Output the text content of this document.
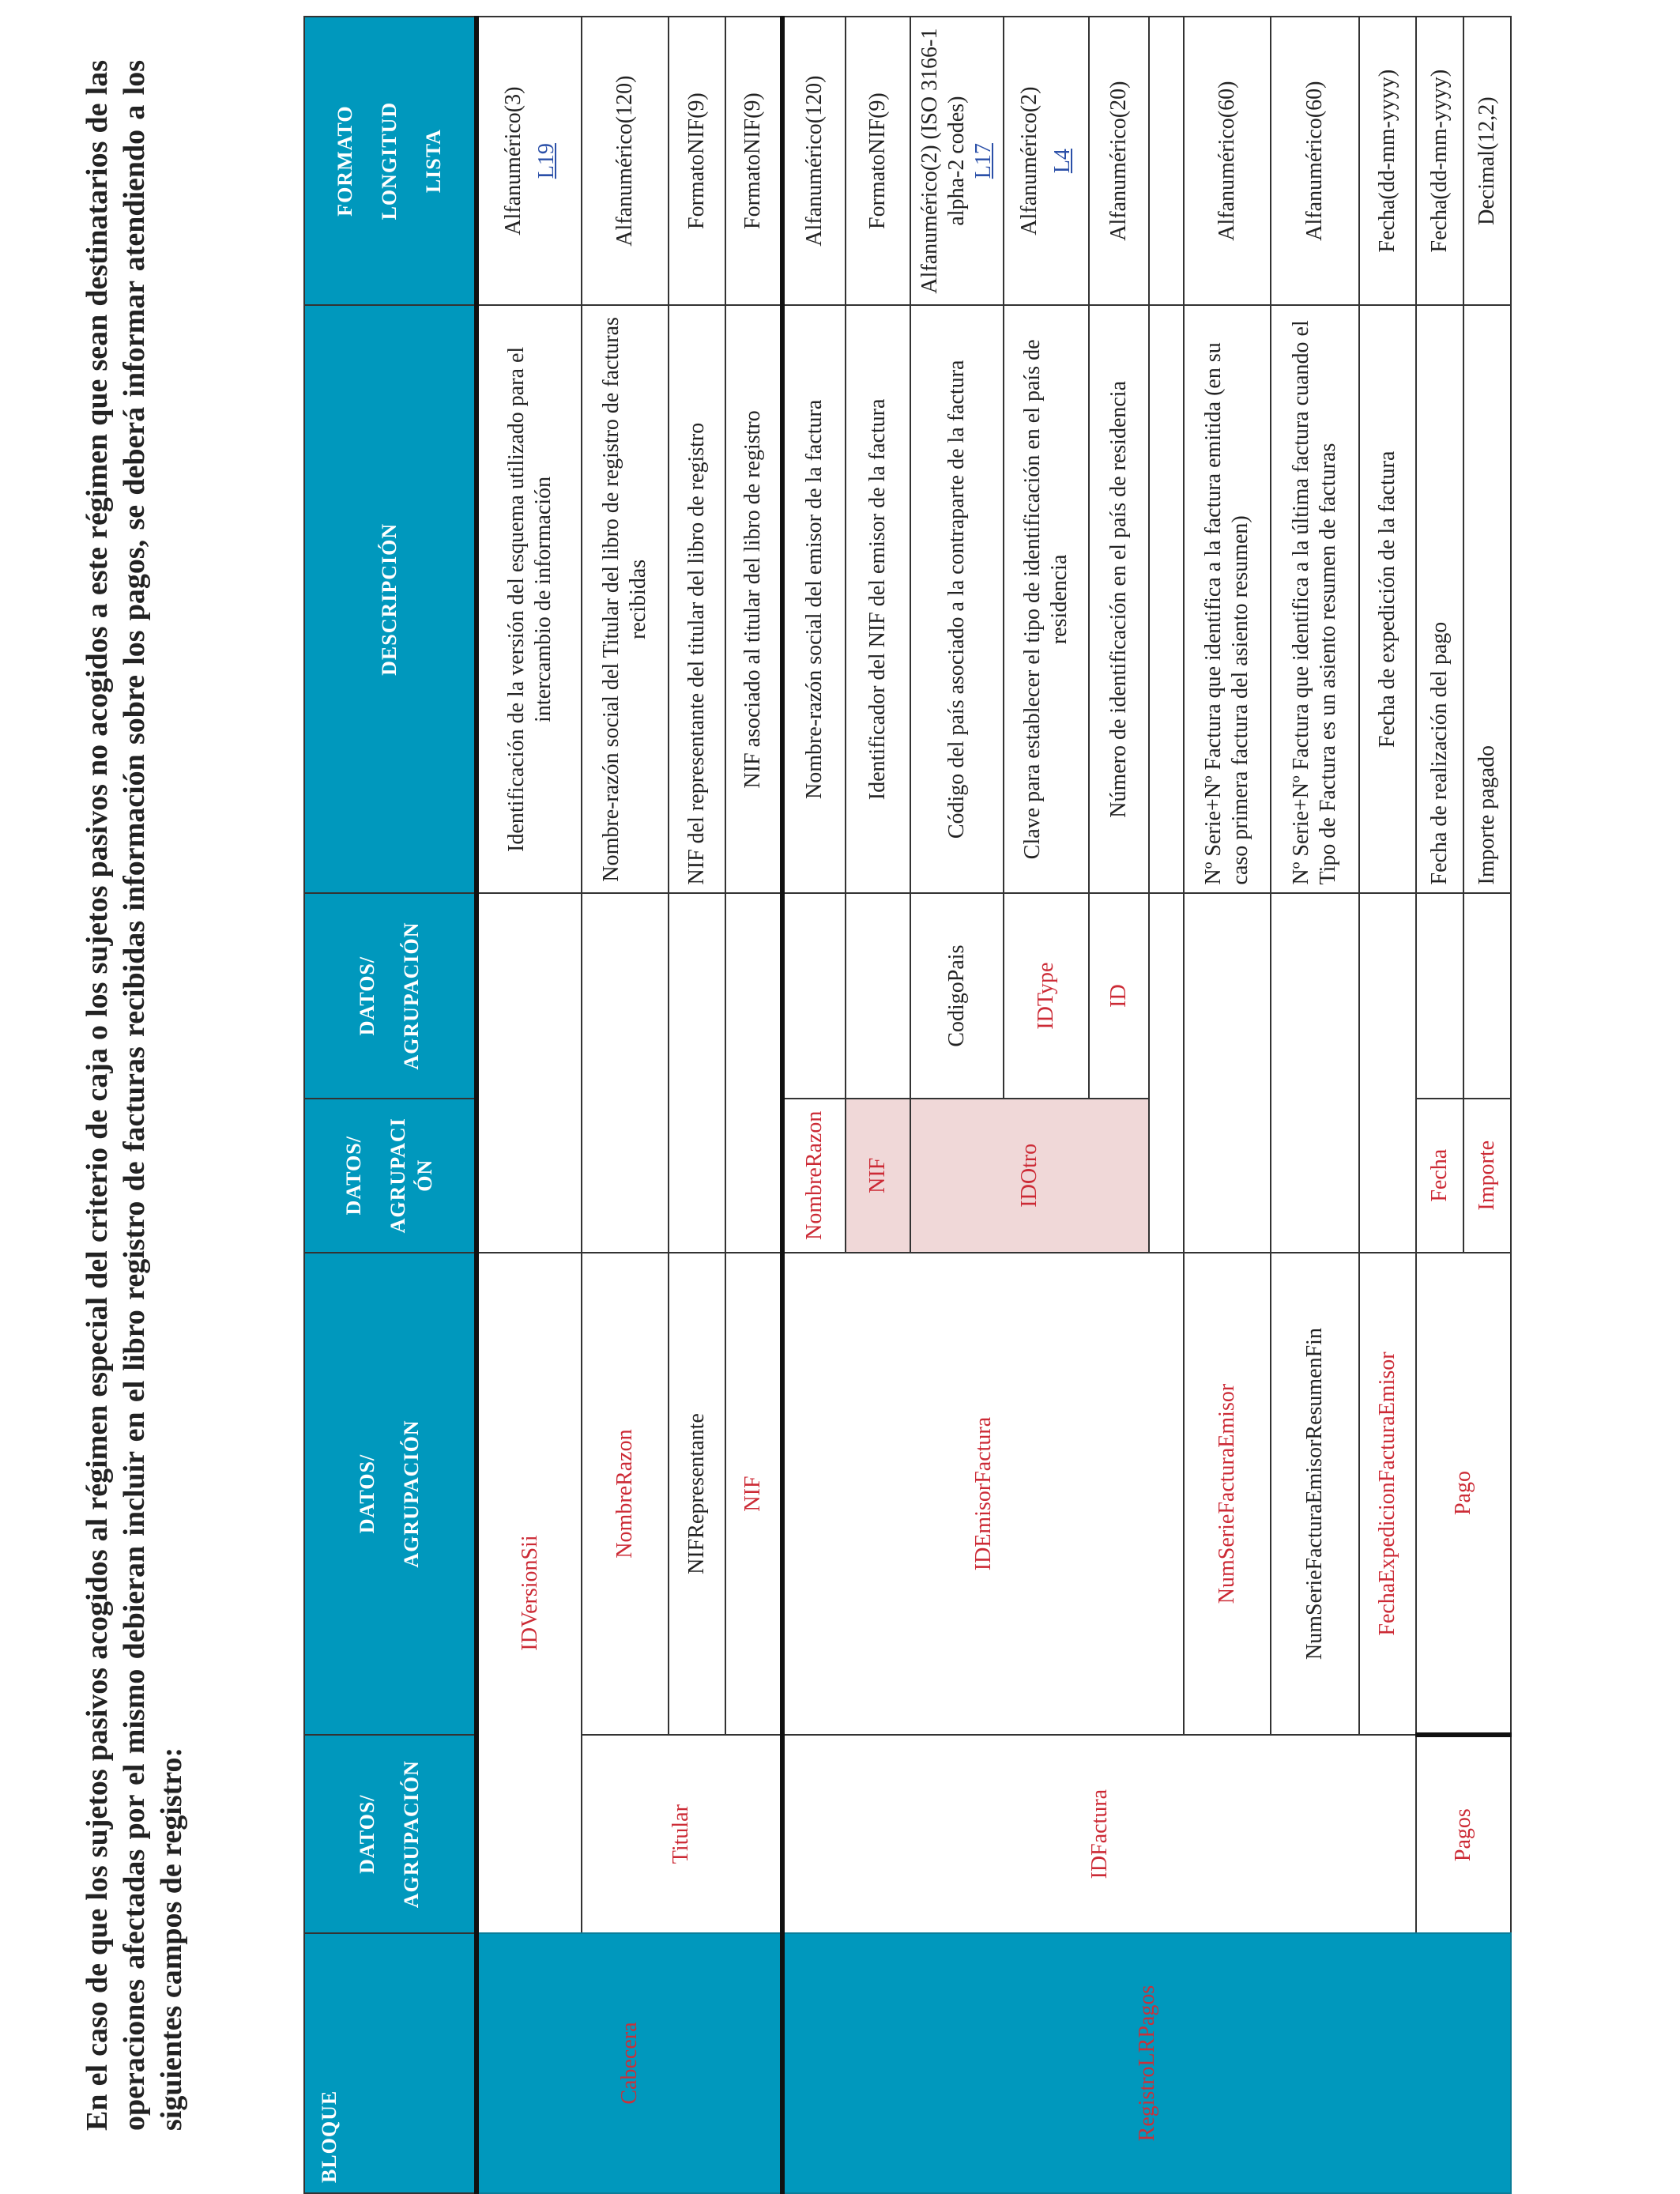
En el caso de que los sujetos pasivos acogidos al régimen especial del criterio de caja o los sujetos pasivos no acogidos a este régimen que sean destinatarios de las operaciones afectadas por el mismo debieran incluir en el libro registro de facturas recibidas información sobre los pagos, se deberá informar atendiendo a los siguientes campos de registro:

BLOQUE	DATOS/ AGRUPACIÓN	DATOS/ AGRUPACIÓN	DATOS/ AGRUPACI ÓN	DATOS/ AGRUPACIÓN	DESCRIPCIÓN	FORMATO LONGITUD LISTA

Cabecera	IDVersionSii				Identificación de la versión del esquema utilizado para el intercambio de información	Alfanumérico(3) L19

	Titular	NombreRazon			Nombre-razón social del Titular del libro de registro de facturas recibidas	Alfanumérico(120)
		NIFRepresentante			NIF del representante del titular del libro de registro	FormatoNIF(9)
		NIF			NIF asociado al titular del libro de registro	FormatoNIF(9)
RegistroLRPagos	IDFactura	IDEmisorFactura	NombreRazon		Nombre-razón social del emisor de la factura	Alfanumérico(120)
			NIF		Identificador del NIF del emisor de la factura	FormatoNIF(9)
			IDOtro	CodigoPais	Código del país asociado a la contraparte de la factura	Alfanumérico(2) (ISO 3166-1 alpha-2 codes) L17

				IDType	Clave para establecer el tipo de identificación en el país de residencia	Alfanumérico(2) L4

				ID	Número de identificación en el país de residencia	Alfanumérico(20)

		NumSerieFacturaEmisor			Nº Serie+Nº Factura que identifica a la factura emitida (en su caso primera factura del asiento resumen)	Alfanumérico(60)
		NumSerieFacturaEmisorResumenFin			Nº Serie+Nº Factura que identifica a la última factura cuando el Tipo de Factura es un asiento resumen de facturas	Alfanumérico(60)
		FechaExpedicionFacturaEmisor			Fecha de expedición de la factura	Fecha(dd-mm-yyyy)
	Pagos	Pago	Fecha		Fecha de realización del pago	Fecha(dd-mm-yyyy)
			Importe		Importe pagado	Decimal(12,2)
